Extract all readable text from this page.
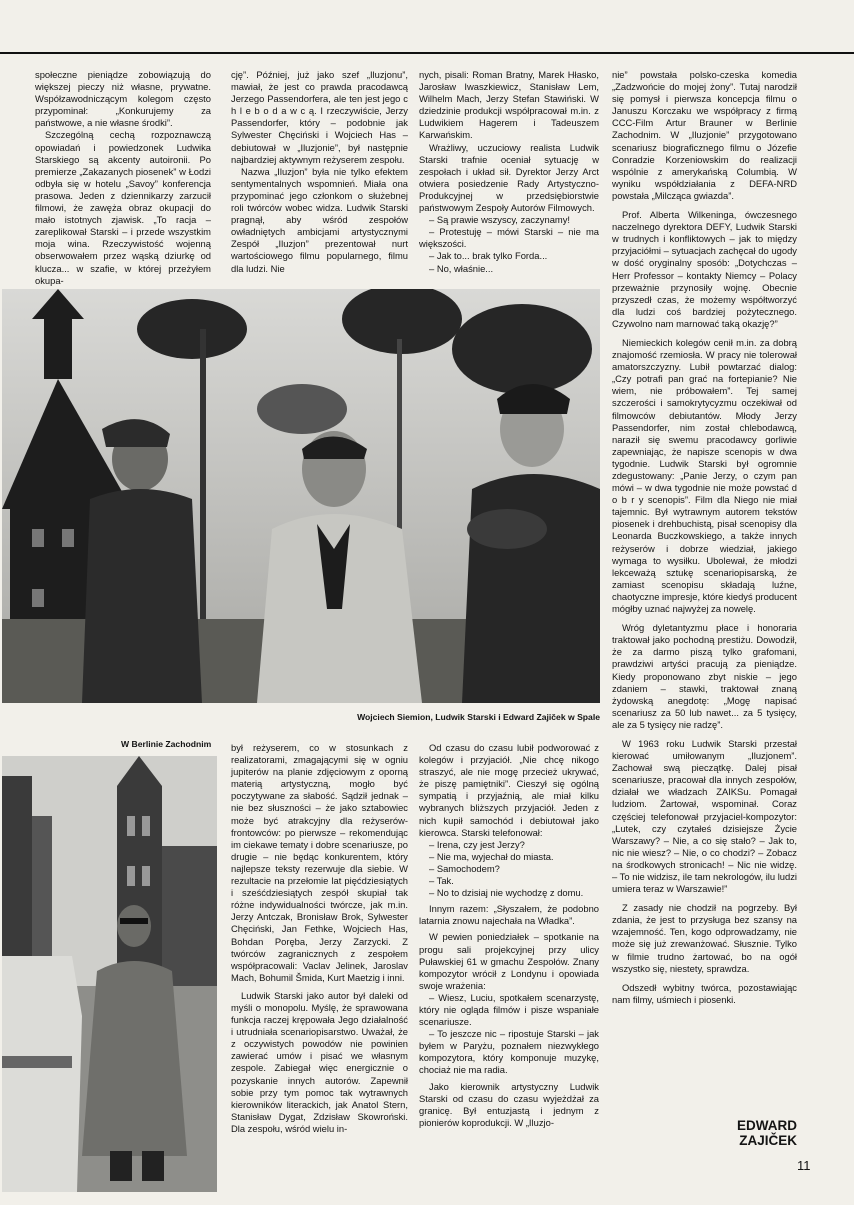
społeczne pieniądze zobowiązują do większej pieczy niż własne, prywatne. Współzawodniczącym kolegom często przypominał: „Konkurujemy za państwowe, a nie własne środki”.

Szczególną cechą rozpoznawczą opowiadań i powiedzonek Ludwika Starskiego są akcenty autoironii. Po premierze „Zakazanych piosenek” w Łodzi odbyła się w hotelu „Savoy” konferencja prasowa. Jeden z dziennikarzy zarzucił filmowi, że zawęża obraz okupacji do mało istotnych zjawisk. „To racja – zareplikował Starski – i przede wszystkim moja wina. Rzeczywistość wojenną obserwowałem przez wąską dziurkę od klucza... w szafie, w której przeżyłem okupa-

cję”. Później, już jako szef „Iluzjonu”, mawiał, że jest co prawda pracodawcą Jerzego Passendorfera, ale ten jest jego c h l e b o d a w c ą. I rzeczywiście, Jerzy Passendorfer, który – podobnie jak Sylwester Chęciński i Wojciech Has – debiutował w „Iluzjonie”, był następnie najbardziej aktywnym reżyserem zespołu.

Nazwa „Iluzjon” była nie tylko efektem sentymentalnych wspomnień. Miała ona przypominać jego członkom o służebnej roli twórców wobec widza. Ludwik Starski pragnął, aby wśród zespołów owładniętych ambicjami artystycznymi Zespół „Iluzjon” prezentował nurt wartościowego filmu popularnego, filmu dla ludzi. Nie

nych, pisali: Roman Bratny, Marek Hłasko, Jarosław Iwaszkiewicz, Stanisław Lem, Wilhelm Mach, Jerzy Stefan Stawiński. W dziedzinie produkcji współpracował m.in. z Ludwikiem Hagerem i Tadeuszem Karwańskim.

Wrażliwy, uczuciowy realista Ludwik Starski trafnie oceniał sytuację w zespołach i układ sił. Dyrektor Jerzy Arct otwiera posiedzenie Rady Artystyczno-Produkcyjnej w przedsiębiorstwie państwowym Zespoły Autorów Filmowych.

– Są prawie wszyscy, zaczynamy!

– Protestuję – mówi Starski – nie ma większości.

– Jak to... brak tylko Forda...

– No, właśnie...

nie” powstała polsko-czeska komedia „Zadzwońcie do mojej żony”. Tutaj narodził się pomysł i pierwsza koncepcja filmu o Januszu Korczaku we współpracy z firmą CCC-Film Artur Brauner w Berlinie Zachodnim. W „Iluzjonie” przygotowano scenariusz biograficznego filmu o Józefie Conradzie Korzeniowskim do realizacji wspólnie z amerykańską Columbią. W wyniku współdziałania z DEFA-NRD powstała „Milcząca gwiazda”.

Prof. Alberta Wilkeninga, ówczesnego naczelnego dyrektora DEFY, Ludwik Starski w trudnych i konfliktowych – jak to między przyjaciółmi – sytuacjach zachęcał do ugody w dość oryginalny sposób: „Dotychczas – Herr Professor – kontakty Niemcy – Polacy przeważnie przynosiły wojnę. Obecnie przyszedł czas, że możemy współtworzyć dla ludzi coś bardziej pożytecznego. Czywolno nam marnować taką okazję?”

Niemieckich kolegów cenił m.in. za dobrą znajomość rzemiosła. W pracy nie tolerował amatorszczyzny. Lubił powtarzać dialog: „Czy potrafi pan grać na fortepianie? Nie wiem, nie próbowałem”. Tej samej szczerości i samokrytycyzmu oczekiwał od filmowców debiutantów. Młody Jerzy Passendorfer, nim został chlebodawcą, naraził się swemu pracodawcy gorliwie zapewniając, że napisze scenopis w dwa tygodnie. Ludwik Starski był ogromnie zdegustowany: „Panie Jerzy, o czym pan mówi – w dwa tygodnie nie może powstać d o b r y scenopis”. Film dla Niego nie miał tajemnic. Był wytrawnym autorem tekstów piosenek i drehbuchistą, pisał scenopisy dla Leonarda Buczkowskiego, a także innych reżyserów i dobrze wiedział, jakiego wymaga to wysiłku. Ubolewał, że młodzi lekceważą sztukę scenariopisarską, że zamiast scenopisu składają luźne, chaotyczne impresje, które kiedyś producent mógłby uznać najwyżej za nowelę.

Wróg dyletantyzmu płace i honoraria traktował jako pochodną prestiżu. Dowodził, że za darmo piszą tylko grafomani, prawdziwi artyści pracują za pieniądze. Kiedy proponowano zbyt niskie – jego zdaniem – stawki, traktował znaną żydowską anegdotę: „Mogę napisać scenariusz za 50 lub nawet... za 5 tysięcy, ale za 5 tysięcy nie radzę”.

W 1963 roku Ludwik Starski przestał kierować umiłowanym „Iluzjonem”. Zachował swą pieczątkę. Dalej pisał scenariusze, pracował dla innych zespołów, działał we władzach ZAIKSu. Pomagał ludziom. Żartował, wspominał. Coraz częściej telefonował przyjaciel-kompozytor: „Lutek, czy czytałeś dzisiejsze Życie Warszawy? – Nie, a co się stało? – Jak to, nic nie wiesz? – Nie, o co chodzi? – Zobacz na środkowych stronicach! – Nic nie widzę. – To nie widzisz, ile tam nekrologów, ilu ludzi umiera teraz w Warszawie!”

Z zasady nie chodził na pogrzeby. Był zdania, że jest to przysługa bez szansy na wzajemność. Ten, kogo odprowadzamy, nie może się już zrewanżować. Słusznie. Tylko w filmie trudno żartować, bo na ogół wszystko się, niestety, sprawdza.

Odszedł wybitny twórca, pozostawiając nam filmy, uśmiech i piosenki.

Wojciech Siemion, Ludwik Starski i Edward Zajiček w Spale
W Berlinie Zachodnim był reżyserem, co w stosunkach z realizatorami, zmagającymi się w ogniu jupiterów na planie zdjęciowym z oporną materią artystyczną, mogło być poczytywane za słabość. Sądził jednak – nie bez słuszności – że jako sztabowiec może być atrakcyjny dla reżyserów-frontowców: po pierwsze – rekomendując im ciekawe tematy i dobre scenariusze, po drugie – nie będąc konkurentem, który najlepsze teksty rezerwuje dla siebie. W rezultacie na przełomie lat pięćdziesiątych i sześćdziesiątych zespół skupiał tak różne indywidualności twórcze, jak m.in. Jerzy Antczak, Bronisław Brok, Sylwester Chęciński, Jan Fethke, Wojciech Has, Bohdan Poręba, Jerzy Zarzycki. Z twórców zagranicznych z zespołem współpracowali: Vaclav Jelinek, Jaroslav Mach, Bohumil Šmida, Kurt Maetzig i inni.

Ludwik Starski jako autor był daleki od myśli o monopolu. Myślę, że sprawowana funkcja raczej krępowała Jego działalność i utrudniała scenariopisarstwo. Uważał, że z oczywistych powodów nie powinien zawierać umów i pisać we własnym zespole. Zabiegał więc energicznie o pozyskanie innych autorów. Zapewnił sobie przy tym pomoc tak wytrawnych kierowników literackich, jak Anatol Stern, Stanisław Dygat, Zdzisław Skowroński. Dla zespołu, wśród wielu in-

Od czasu do czasu lubił podworować z kolegów i przyjaciół. „Nie chcę nikogo straszyć, ale nie mogę przecież ukrywać, że piszę pamiętniki”. Cieszył się ogólną sympatią i przyjaźnią, ale miał kilku wybranych bliższych przyjaciół. Jeden z nich kupił samochód i debiutował jako kierowca. Starski telefonował:

– Irena, czy jest Jerzy?

– Nie ma, wyjechał do miasta.

– Samochodem?

– Tak.

– No to dzisiaj nie wychodzę z domu.

Innym razem: „Słyszałem, że podobno latarnia znowu najechała na Władka”.

W pewien poniedziałek – spotkanie na progu sali projekcyjnej przy ulicy Puławskiej 61 w gmachu Zespołów. Znany kompozytor wrócił z Londynu i opowiada swoje wrażenia:

– Wiesz, Luciu, spotkałem scenarzystę, który nie ogląda filmów i pisze wspaniałe scenariusze.

– To jeszcze nic – ripostuje Starski – jak byłem w Paryżu, poznałem niezwykłego kompozytora, który komponuje muzykę, chociaż nie ma radia.

Jako kierownik artystyczny Ludwik Starski od czasu do czasu wyjeżdżał za granicę. Był entuzjastą i jednym z pionierów koprodukcji. W „Iluzjo-	EDWARD
ZAJIČEK
11
